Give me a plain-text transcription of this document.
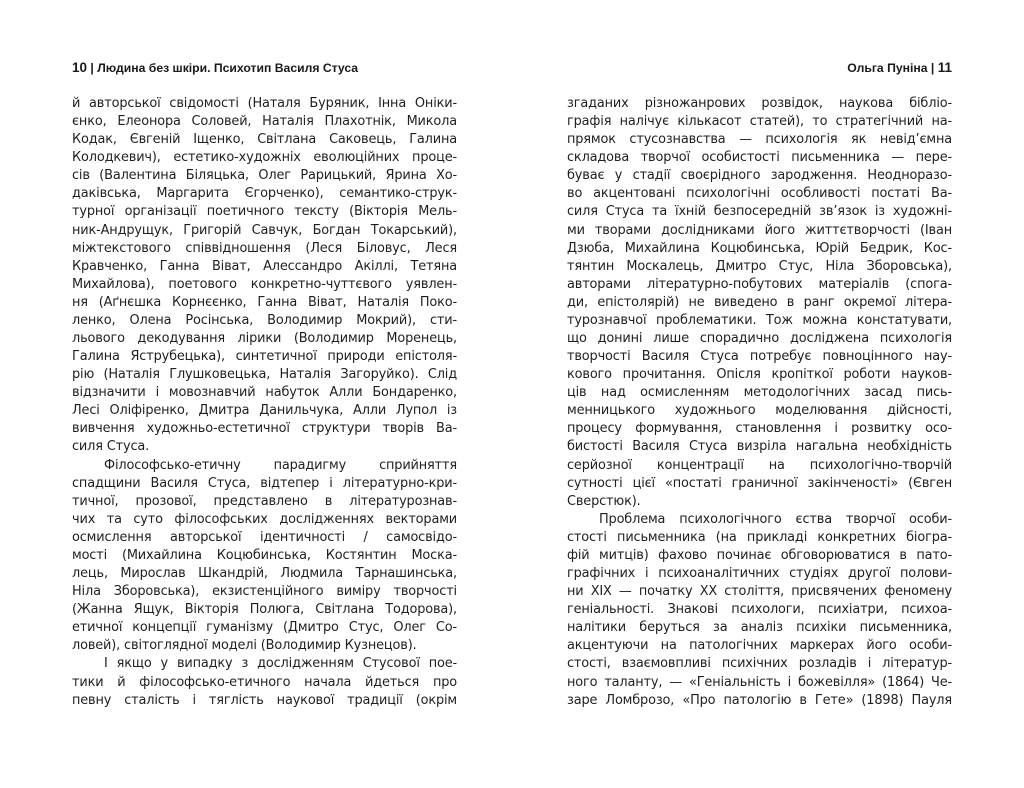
10 | Людина без шкіри. Психотип Василя Стуса
й авторської свідомості (Наталя Буряник, Інна Оніки-
єнко, Елеонора Соловей, Наталія Плахотнік, Микола
Кодак, Євгеній Іщенко, Світлана Саковець, Галина
Колодкевич), естетико-художніх еволюційних проце-
сів (Валентина Біляцька, Олег Рарицький, Ярина Хо-
даківська, Маргарита Єгорченко), семантико-струк-
турної організації поетичного тексту (Вікторія Мель-
ник-Андрущук, Григорій Савчук, Богдан Токарський),
міжтекстового співвідношення (Леся Біловус, Леся
Кравченко, Ганна Віват, Алессандро Акіллі, Тетяна
Михайлова), поетового конкретно-чуттєвого уявлен-
ня (Аґнєшка Корнєєнко, Ганна Віват, Наталія Поко-
ленко, Олена Росінська, Володимир Мокрий), сти-
льового декодування лірики (Володимир Моренець,
Галина Яструбецька), синтетичної природи епістоля-
рію (Наталія Глушковецька, Наталія Загоруйко). Слід
відзначити і мовознавчий набуток Алли Бондаренко,
Лесі Оліфіренко, Дмитра Данильчука, Алли Лупол із
вивчення художньо-естетичної структури творів Ва-
силя Стуса.
Філософсько-етичну парадигму сприйняття
спадщини Василя Стуса, відтепер і літературно-кри-
тичної, прозової, представлено в літературознав-
чих та суто філософських дослідженнях векторами
осмислення авторської ідентичності / самосвідо-
мості (Михайлина Коцюбинська, Костянтин Моска-
лець, Мирослав Шкандрій, Людмила Тарнашинська,
Ніла Зборовська), екзистенційного виміру творчості
(Жанна Ящук, Вікторія Полюга, Світлана Тодорова),
етичної концепції гуманізму (Дмитро Стус, Олег Со-
ловей), світоглядної моделі (Володимир Кузнецов).
І якщо у випадку з дослідженням Стусової пое-
тики й філософсько-етичного начала йдеться про
певну сталість і тяглість наукової традиції (окрім
Ольга Пуніна | 11
згаданих різножанрових розвідок, наукова бібліо-
графія налічує кількасот статей), то стратегічний на-
прямок стусознавства — психологія як невід’ємна
складова творчої особистості письменника — пере-
буває у стадії своєрідного зародження. Неодноразо-
во акцентовані психологічні особливості постаті Ва-
силя Стуса та їхній безпосередній зв’язок із художні-
ми творами дослідниками його життєтворчості (Іван
Дзюба, Михайлина Коцюбинська, Юрій Бедрик, Кос-
тянтин Москалець, Дмитро Стус, Ніла Зборовська),
авторами літературно-побутових матеріалів (спога-
ди, епістолярій) не виведено в ранг окремої літера-
турознавчої проблематики. Тож можна констатувати,
що донині лише спорадично досліджена психологія
творчості Василя Стуса потребує повноцінного нау-
кового прочитання. Опісля кропіткої роботи науков-
ців над осмисленням методологічних засад пись-
менницького художнього моделювання дійсності,
процесу формування, становлення і розвитку осо-
бистості Василя Стуса визріла нагальна необхідність
серйозної концентрації на психологічно-творчій
сутності цієї «постаті граничної закінченості» (Євген
Сверстюк).
Проблема психологічного єства творчої особи-
стості письменника (на прикладі конкретних біогра-
фій митців) фахово починає обговорюватися в пато-
графічних і психоаналітичних студіях другої полови-
ни XIX — початку XX століття, присвячених феномену
геніальності. Знакові психологи, психіатри, психоа-
налітики беруться за аналіз психіки письменника,
акцентуючи на патологічних маркерах його особи-
стості, взаємовпливі психічних розладів і літератур-
ного таланту, — «Геніальність і божевілля» (1864) Че-
заре Ломброзо, «Про патологію в Гете» (1898) Пауля
